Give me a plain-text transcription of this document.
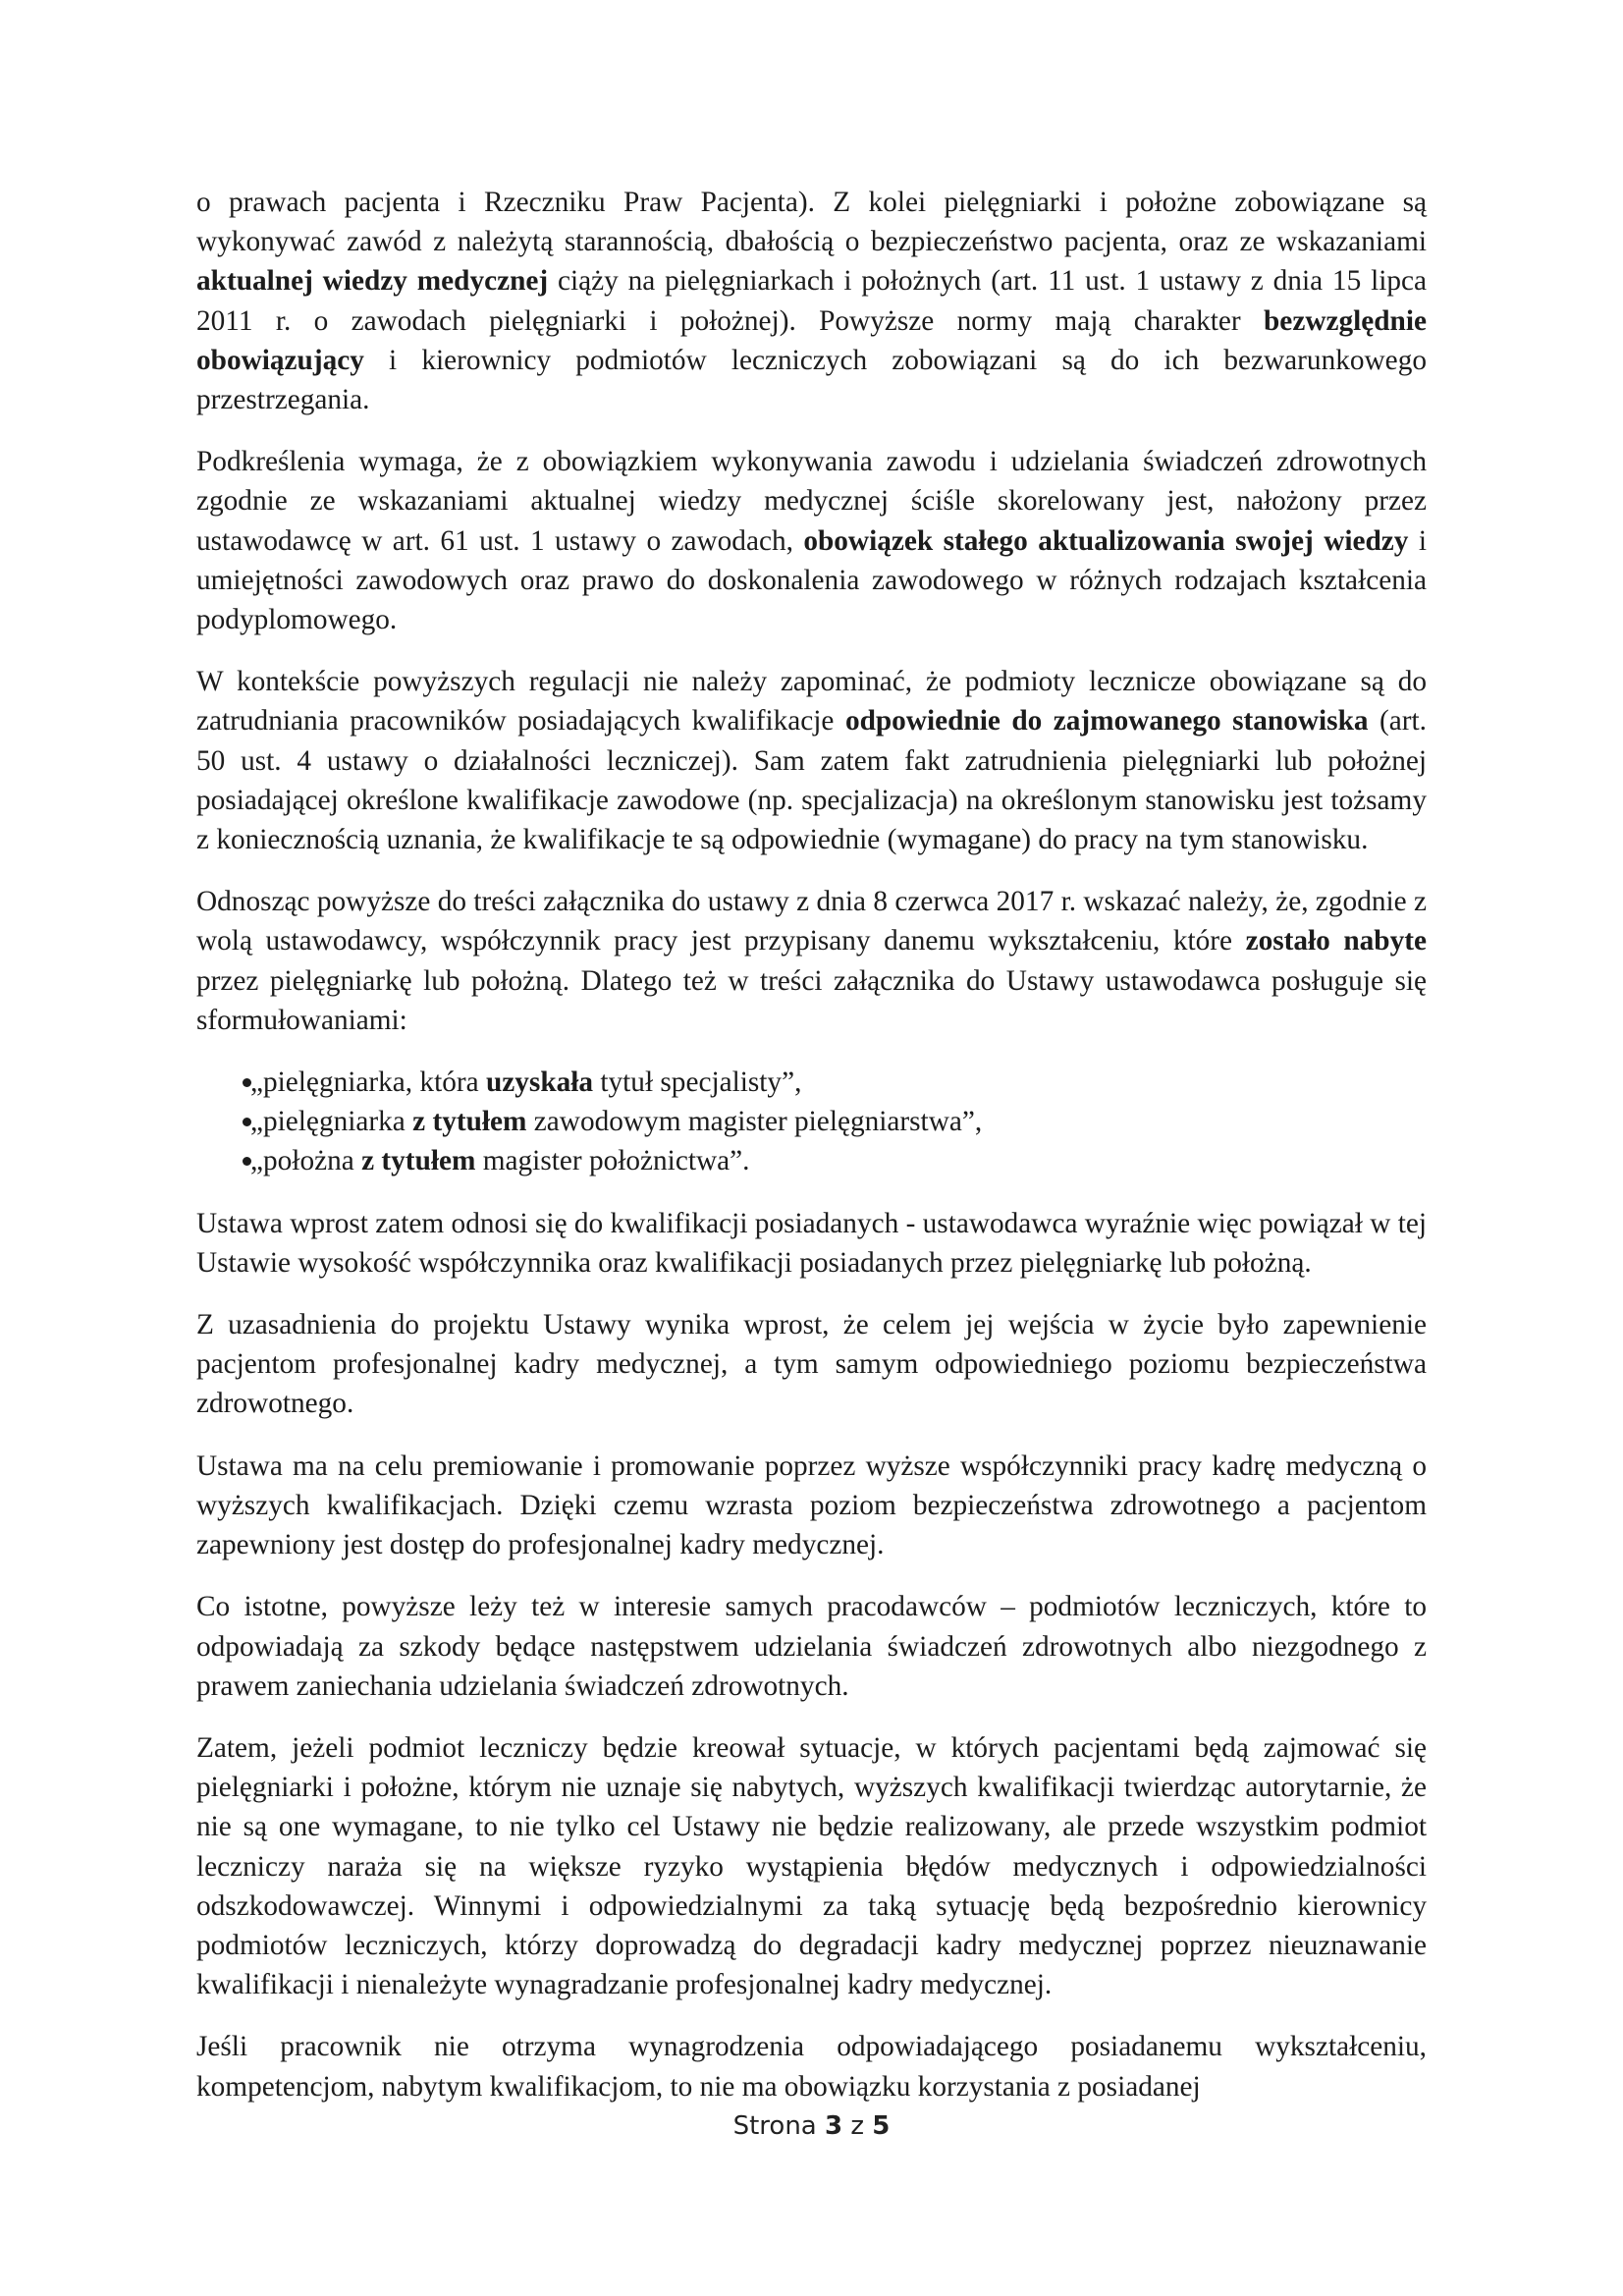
o prawach pacjenta i Rzeczniku Praw Pacjenta). Z kolei pielęgniarki i położne zobowiązane są wykonywać zawód z należytą starannością, dbałością o bezpieczeństwo pacjenta, oraz ze wskazaniami aktualnej wiedzy medycznej ciąży na pielęgniarkach i położnych (art. 11 ust. 1 ustawy z dnia 15 lipca 2011 r. o zawodach pielęgniarki i położnej). Powyższe normy mają charakter bezwzględnie obowiązujący i kierownicy podmiotów leczniczych zobowiązani są do ich bezwarunkowego przestrzegania.

Podkreślenia wymaga, że z obowiązkiem wykonywania zawodu i udzielania świadczeń zdrowotnych zgodnie ze wskazaniami aktualnej wiedzy medycznej ściśle skorelowany jest, nałożony przez ustawodawcę w art. 61 ust. 1 ustawy o zawodach, obowiązek stałego aktualizowania swojej wiedzy i umiejętności zawodowych oraz prawo do doskonalenia zawodowego w różnych rodzajach kształcenia podyplomowego.

W kontekście powyższych regulacji nie należy zapominać, że podmioty lecznicze obowiązane są do zatrudniania pracowników posiadających kwalifikacje odpowiednie do zajmowanego stanowiska (art. 50 ust. 4 ustawy o działalności leczniczej). Sam zatem fakt zatrudnienia pielęgniarki lub położnej posiadającej określone kwalifikacje zawodowe (np. specjalizacja) na określonym stanowisku jest tożsamy z koniecznością uznania, że kwalifikacje te są odpowiednie (wymagane) do pracy na tym stanowisku.

Odnosząc powyższe do treści załącznika do ustawy z dnia 8 czerwca 2017 r. wskazać należy, że, zgodnie z wolą ustawodawcy, współczynnik pracy jest przypisany danemu wykształceniu, które zostało nabyte przez pielęgniarkę lub położną. Dlatego też w treści załącznika do Ustawy ustawodawca posługuje się sformułowaniami:

„pielęgniarka, która uzyskała tytuł specjalisty”,
„pielęgniarka z tytułem zawodowym magister pielęgniarstwa”,
„położna z tytułem magister położnictwa”.

Ustawa wprost zatem odnosi się do kwalifikacji posiadanych - ustawodawca wyraźnie więc powiązał w tej Ustawie wysokość współczynnika oraz kwalifikacji posiadanych przez pielęgniarkę lub położną.

Z uzasadnienia do projektu Ustawy wynika wprost, że celem jej wejścia w życie było zapewnienie pacjentom profesjonalnej kadry medycznej, a tym samym odpowiedniego poziomu bezpieczeństwa zdrowotnego.

Ustawa ma na celu premiowanie i promowanie poprzez wyższe współczynniki pracy kadrę medyczną o wyższych kwalifikacjach. Dzięki czemu wzrasta poziom bezpieczeństwa zdrowotnego a pacjentom zapewniony jest dostęp do profesjonalnej kadry medycznej.

Co istotne, powyższe leży też w interesie samych pracodawców – podmiotów leczniczych, które to odpowiadają za szkody będące następstwem udzielania świadczeń zdrowotnych albo niezgodnego z prawem zaniechania udzielania świadczeń zdrowotnych.

Zatem, jeżeli podmiot leczniczy będzie kreował sytuacje, w których pacjentami będą zajmować się pielęgniarki i położne, którym nie uznaje się nabytych, wyższych kwalifikacji twierdząc autorytarnie, że nie są one wymagane, to nie tylko cel Ustawy nie będzie realizowany, ale przede wszystkim podmiot leczniczy naraża się na większe ryzyko wystąpienia błędów medycznych i odpowiedzialności odszkodowawczej. Winnymi i odpowiedzialnymi za taką sytuację będą bezpośrednio kierownicy podmiotów leczniczych, którzy doprowadzą do degradacji kadry medycznej poprzez nieuznawanie kwalifikacji i nienależyte wynagradzanie profesjonalnej kadry medycznej.

Jeśli pracownik nie otrzyma wynagrodzenia odpowiadającego posiadanemu wykształceniu, kompetencjom, nabytym kwalifikacjom, to nie ma obowiązku korzystania z posiadanej

Strona 3 z 5
